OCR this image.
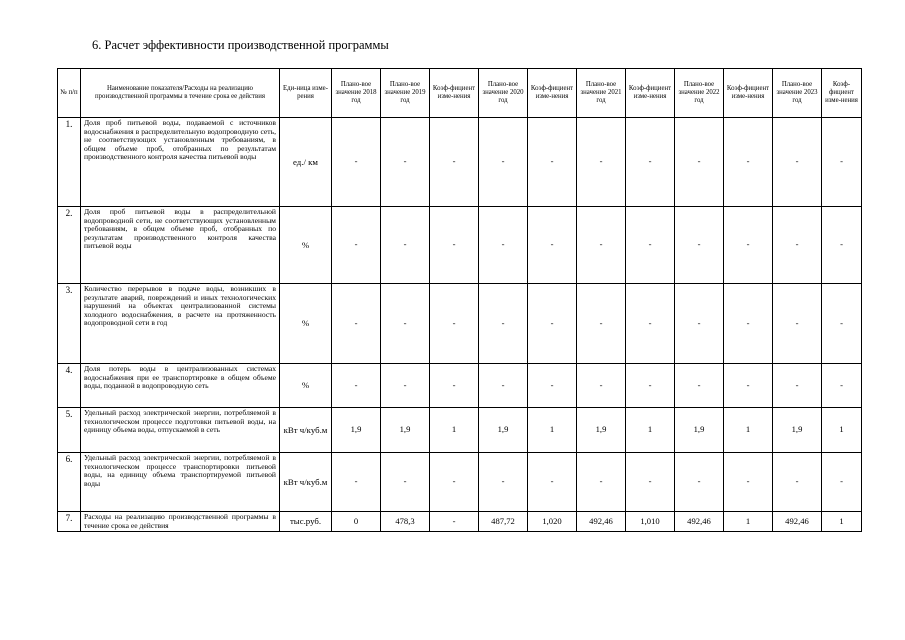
6. Расчет эффективности производственной программы
№ п/п	Наименование показателя/Расходы на реализацию производственной программы в течение срока ее действия	Еди-ница изме-рения	Плано-вое значение 2018 год	Плано-вое значение 2019 год	Коэф-фициент изме-нения	Плано-вое значение 2020 год	Коэф-фициент изме-нения	Плано-вое значение 2021 год	Коэф-фициент изме-нения	Плано-вое значение 2022 год	Коэф-фициент изме-нения	Плано-вое значение 2023 год	Коэф-фициент изме-нения
1.	Доля проб питьевой воды, подаваемой с источников водоснабжения в распределительную водопроводную сеть, не соответствующих установленным требованиям, в общем объеме проб, отобранных по результатам производственного контроля качества питьевой воды	ед./ км	-	-	-	-	-	-	-	-	-	-	-
2.	Доля проб питьевой воды в распределительной водопроводной сети, не соответствующих установленным требованиям, в общем объеме проб, отобранных по результатам производственного контроля качества питьевой воды	%	-	-	-	-	-	-	-	-	-	-	-
3.	Количество перерывов в подаче воды, возникших в результате аварий, повреждений и иных технологических нарушений на объектах централизованной системы холодного водоснабжения, в расчете на протяженность водопроводной сети в год	%	-	-	-	-	-	-	-	-	-	-	-
4.	Доля потерь воды в централизованных системах водоснабжения при ее транспортировке в общем объеме воды, поданной в водопроводную сеть	%	-	-	-	-	-	-	-	-	-	-	-
5.	Удельный расход электрической энергии, потребляемой в технологическом процессе подготовки питьевой воды, на единицу объема воды, отпускаемой в сеть	кВт ч/куб.м	1,9	1,9	1	1,9	1	1,9	1	1,9	1	1,9	1
6.	Удельный расход электрической энергии, потребляемой в технологическом процессе транспортировки питьевой воды, на единицу объема транспортируемой питьевой воды	кВт ч/куб.м	-	-	-	-	-	-	-	-	-	-	-
7.	Расходы на реализацию производственной программы в течение срока ее действия	тыс.руб.	0	478,3	-	487,72	1,020	492,46	1,010	492,46	1	492,46	1
